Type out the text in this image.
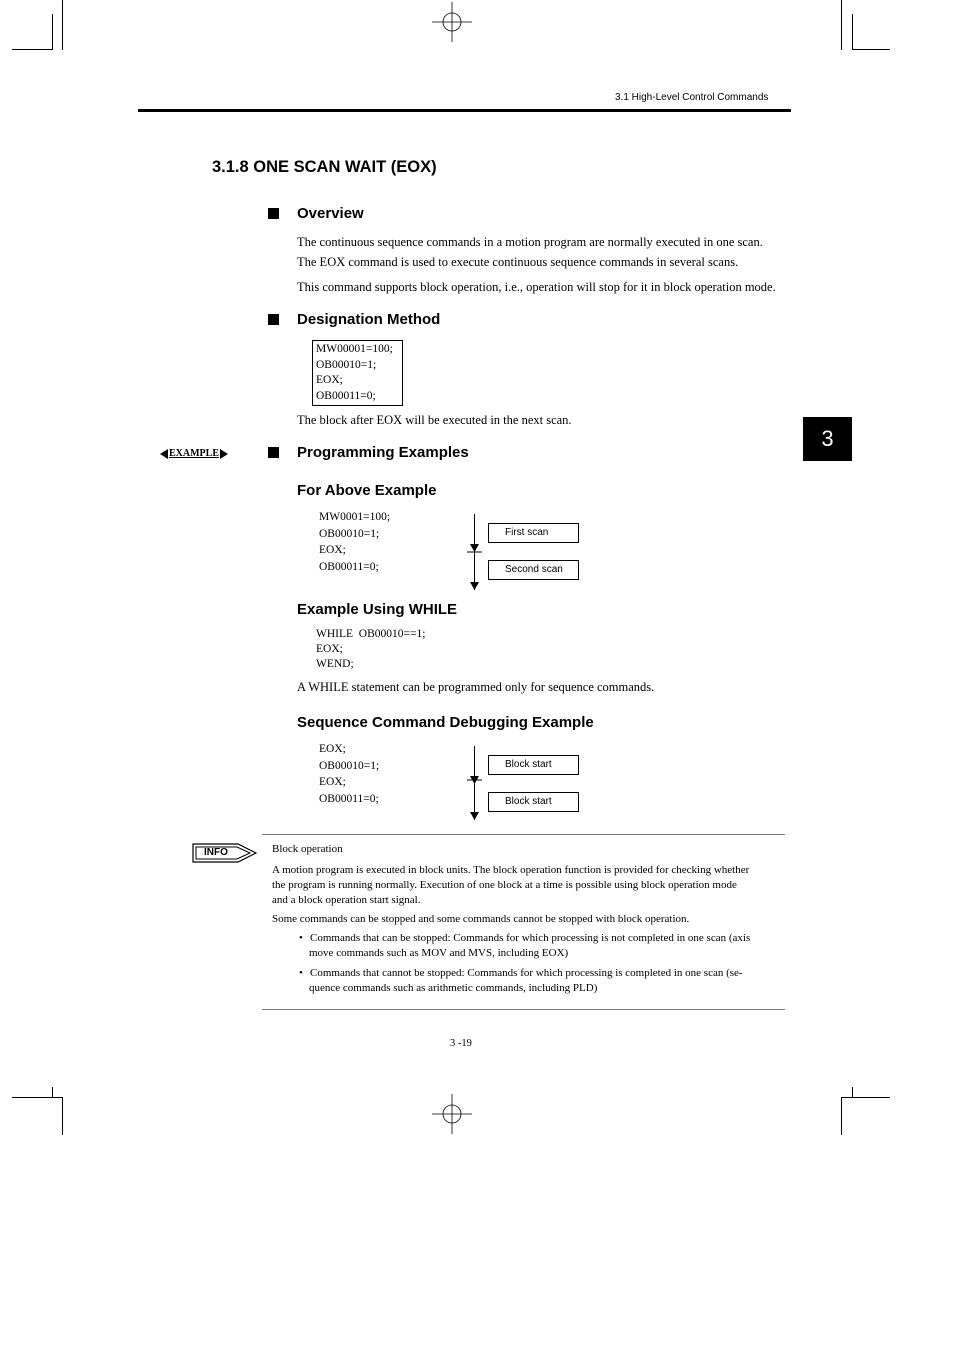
3.1 High-Level Control Commands
3
3.1.8 ONE SCAN WAIT (EOX)
Overview
The continuous sequence commands in a motion program are normally executed in one scan.
The EOX command is used to execute continuous sequence commands in several scans.
This command supports block operation, i.e., operation will stop for it in block operation mode.
Designation Method
MW00001=100;
OB00010=1;
EOX;
OB00011=0;
The block after EOX will be executed in the next scan.
EXAMPLE	Programming Examples
For Above Example
MW0001=100;
OB00010=1;
EOX;
OB00011=0;
First scan
Second scan
Example Using WHILE
WHILE  OB00010==1;
EOX;
WEND;
A WHILE statement can be programmed only for sequence commands.
Sequence Command Debugging Example
EOX;
OB00010=1;
EOX;
OB00011=0;
Block start
Block start
INFO	Block operation
A motion program is executed in block units. The block operation function is provided for checking whether
the program is running normally. Execution of one block at a time is possible using block operation mode
and a block operation start signal.
Some commands can be stopped and some commands cannot be stopped with block operation.
• Commands that can be stopped: Commands for which processing is not completed in one scan (axis
move commands such as MOV and MVS, including EOX)
• Commands that cannot be stopped: Commands for which processing is completed in one scan (se-
quence commands such as arithmetic commands, including PLD)
3 -19
